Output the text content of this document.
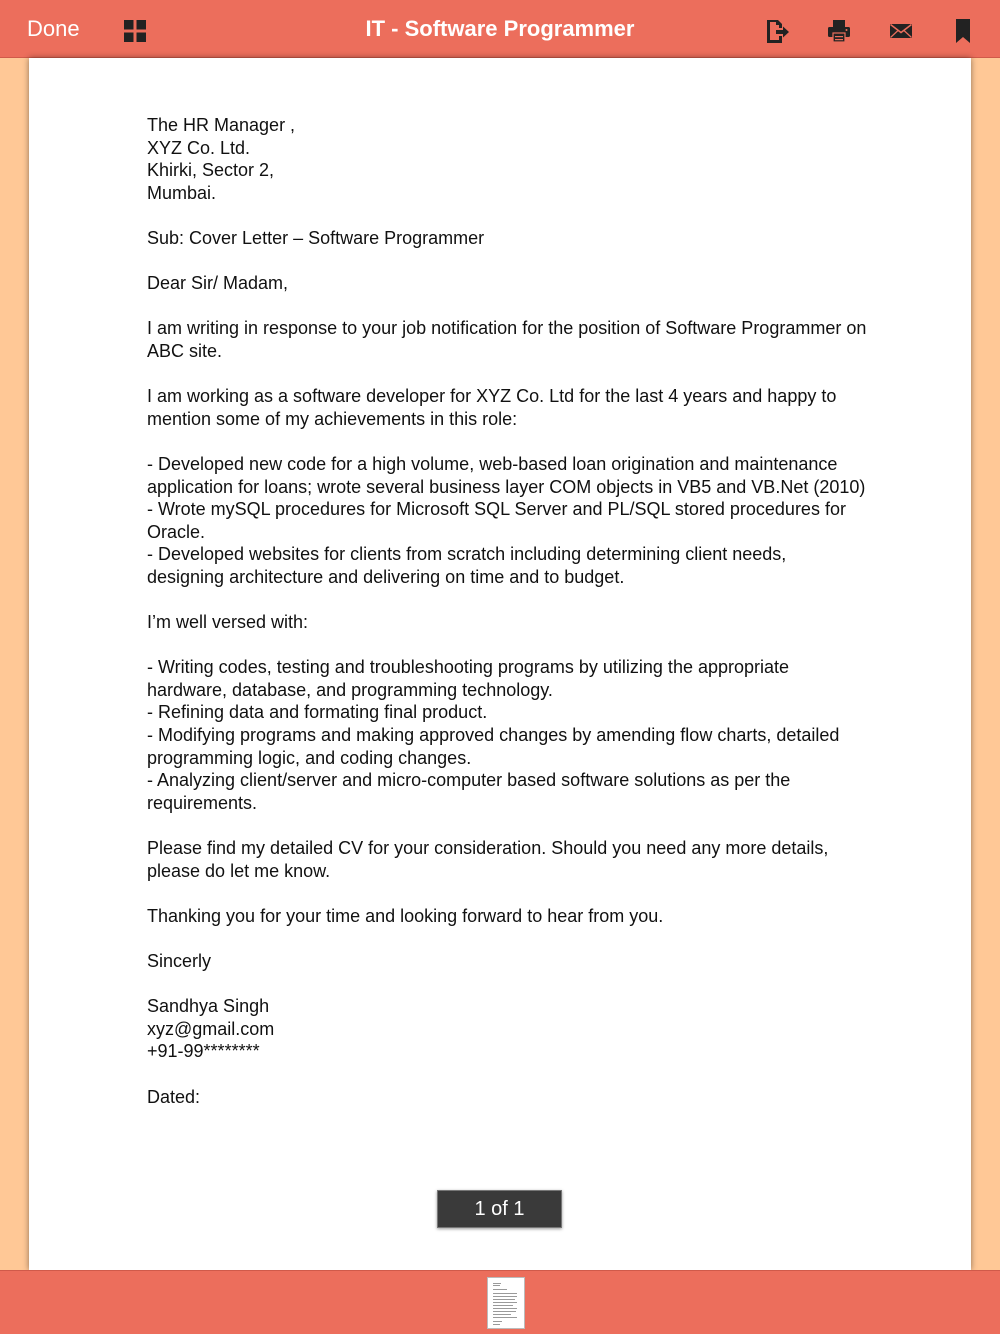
Done	IT - Software Programmer

The HR Manager ,
XYZ Co. Ltd.
Khirki, Sector 2,
Mumbai.

Sub: Cover Letter – Software Programmer

Dear Sir/ Madam,

I am writing in response to your job notification for the position of Software Programmer on ABC site.

I am working as a software developer for XYZ Co. Ltd for the last 4 years and happy to mention some of my achievements in this role:

- Developed new code for a high volume, web-based loan origination and maintenance application for loans; wrote several business layer COM objects in VB5 and VB.Net (2010)

- Wrote mySQL procedures for Microsoft SQL Server and PL/SQL stored procedures for Oracle.

- Developed websites for clients from scratch including determining client needs, designing architecture and delivering on time and to budget.

I’m well versed with:

- Writing codes, testing and troubleshooting programs by utilizing the appropriate hardware, database, and programming technology.

- Refining data and formating final product.

- Modifying programs and making approved changes by amending flow charts, detailed programming logic, and coding changes.

- Analyzing client/server and micro-computer based software solutions as per the requirements.

Please find my detailed CV for your consideration. Should you need any more details, please do let me know.

Thanking you for your time and looking forward to hear from you.

Sincerly

Sandhya Singh
xyz@gmail.com
+91-99********

Dated:

1 of 1
